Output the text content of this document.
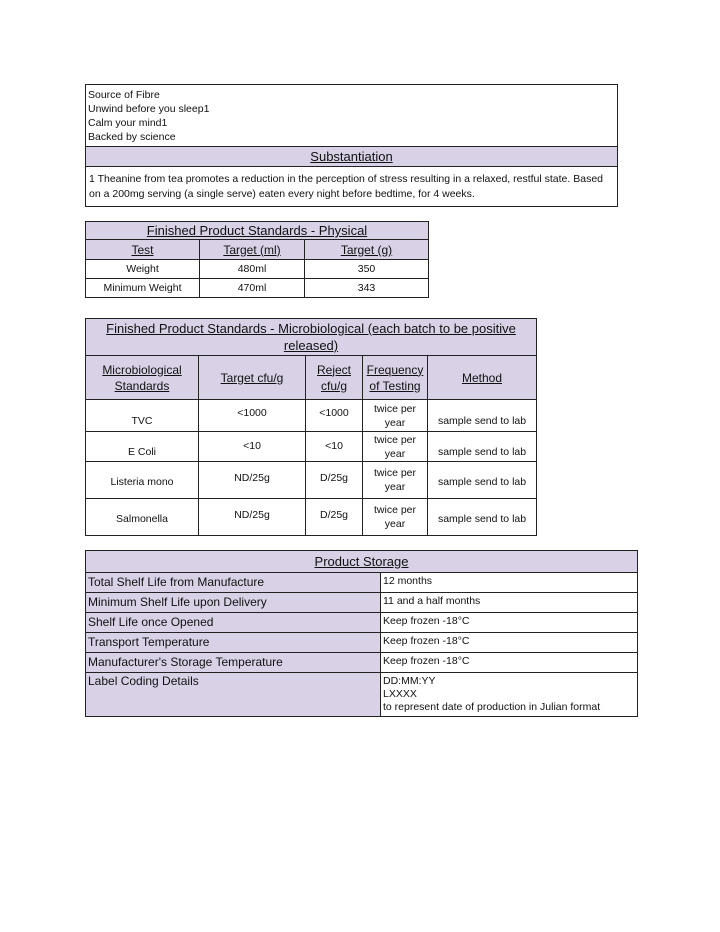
Source of Fibre
Unwind before you sleep1
Calm your mind1
Backed by science

Substantiation
1 Theanine from tea promotes a reduction in the perception of stress resulting in a relaxed, restful state. Based on a 200mg serving (a single serve) eaten every night before bedtime, for 4 weeks.
Finished Product Standards - Physical		
Test	Target (ml)	Target (g)
Weight	480ml	350
Minimum Weight	470ml	343
Finished Product Standards - Microbiological (each batch to be positive released)				
Microbiological Standards	Target cfu/g	Reject cfu/g	Frequency of Testing	Method
TVC	<1000	<1000	twice per year	sample send to lab
E Coli	<10	<10	twice per year	sample send to lab
Listeria mono	ND/25g	D/25g	twice per year	sample send to lab
Salmonella	ND/25g	D/25g	twice per year	sample send to lab
Product Storage	
Total Shelf Life from Manufacture	12 months
Minimum Shelf Life upon Delivery	11 and a half months
Shelf Life once Opened	Keep frozen -18°C
Transport Temperature	Keep frozen -18°C
Manufacturer's Storage Temperature	Keep frozen -18°C
Label Coding Details	DD:MM:YY
LXXXX
to represent date of production in Julian format
